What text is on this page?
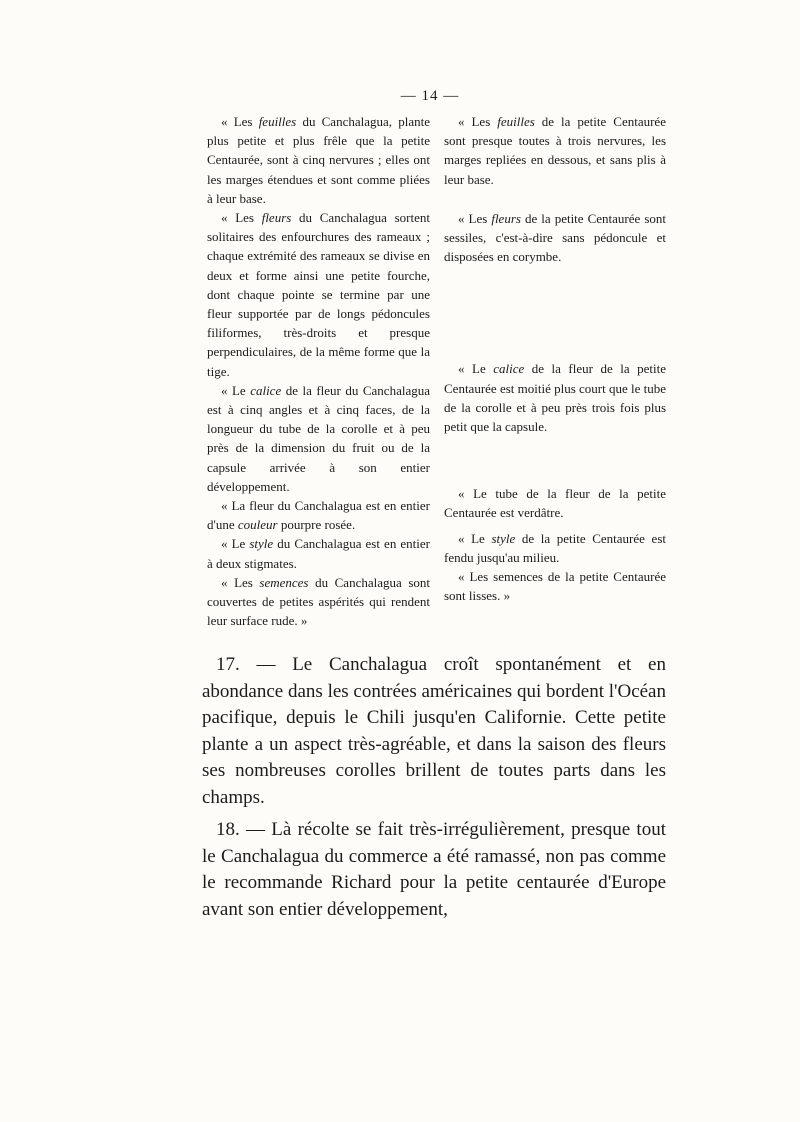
— 14 —

« Les feuilles du Canchalagua, plante plus petite et plus frêle que la petite Centaurée, sont à cinq nervures ; elles ont les marges étendues et sont comme pliées à leur base.

« Les fleurs du Canchalagua sortent solitaires des enfourchures des rameaux ; chaque extrémité des rameaux se divise en deux et forme ainsi une petite fourche, dont chaque pointe se termine par une fleur supportée par de longs pédoncules filiformes, très-droits et presque perpendiculaires, de la même forme que la tige.

« Le calice de la fleur du Canchalagua est à cinq angles et à cinq faces, de la longueur du tube de la corolle et à peu près de la dimension du fruit ou de la capsule arrivée à son entier développement.

« La fleur du Canchalagua est en entier d'une couleur pourpre rosée.

« Le style du Canchalagua est en entier à deux stigmates.

« Les semences du Canchalagua sont couvertes de petites aspérités qui rendent leur surface rude. »

« Les feuilles de la petite Centaurée sont presque toutes à trois nervures, les marges repliées en dessous, et sans plis à leur base.

« Les fleurs de la petite Centaurée sont sessiles, c'est-à-dire sans pédoncule et disposées en corymbe.

« Le calice de la fleur de la petite Centaurée est moitié plus court que le tube de la corolle et à peu près trois fois plus petit que la capsule.

« Le tube de la fleur de la petite Centaurée est verdâtre.

« Le style de la petite Centaurée est fendu jusqu'au milieu.

« Les semences de la petite Centaurée sont lisses. »

17. — Le Canchalagua croît spontanément et en abondance dans les contrées américaines qui bordent l'Océan pacifique, depuis le Chili jusqu'en Californie. Cette petite plante a un aspect très-agréable, et dans la saison des fleurs ses nombreuses corolles brillent de toutes parts dans les champs.

18. — Là récolte se fait très-irrégulièrement, presque tout le Canchalagua du commerce a été ramassé, non pas comme le recommande Richard pour la petite centaurée d'Europe avant son entier développement,
